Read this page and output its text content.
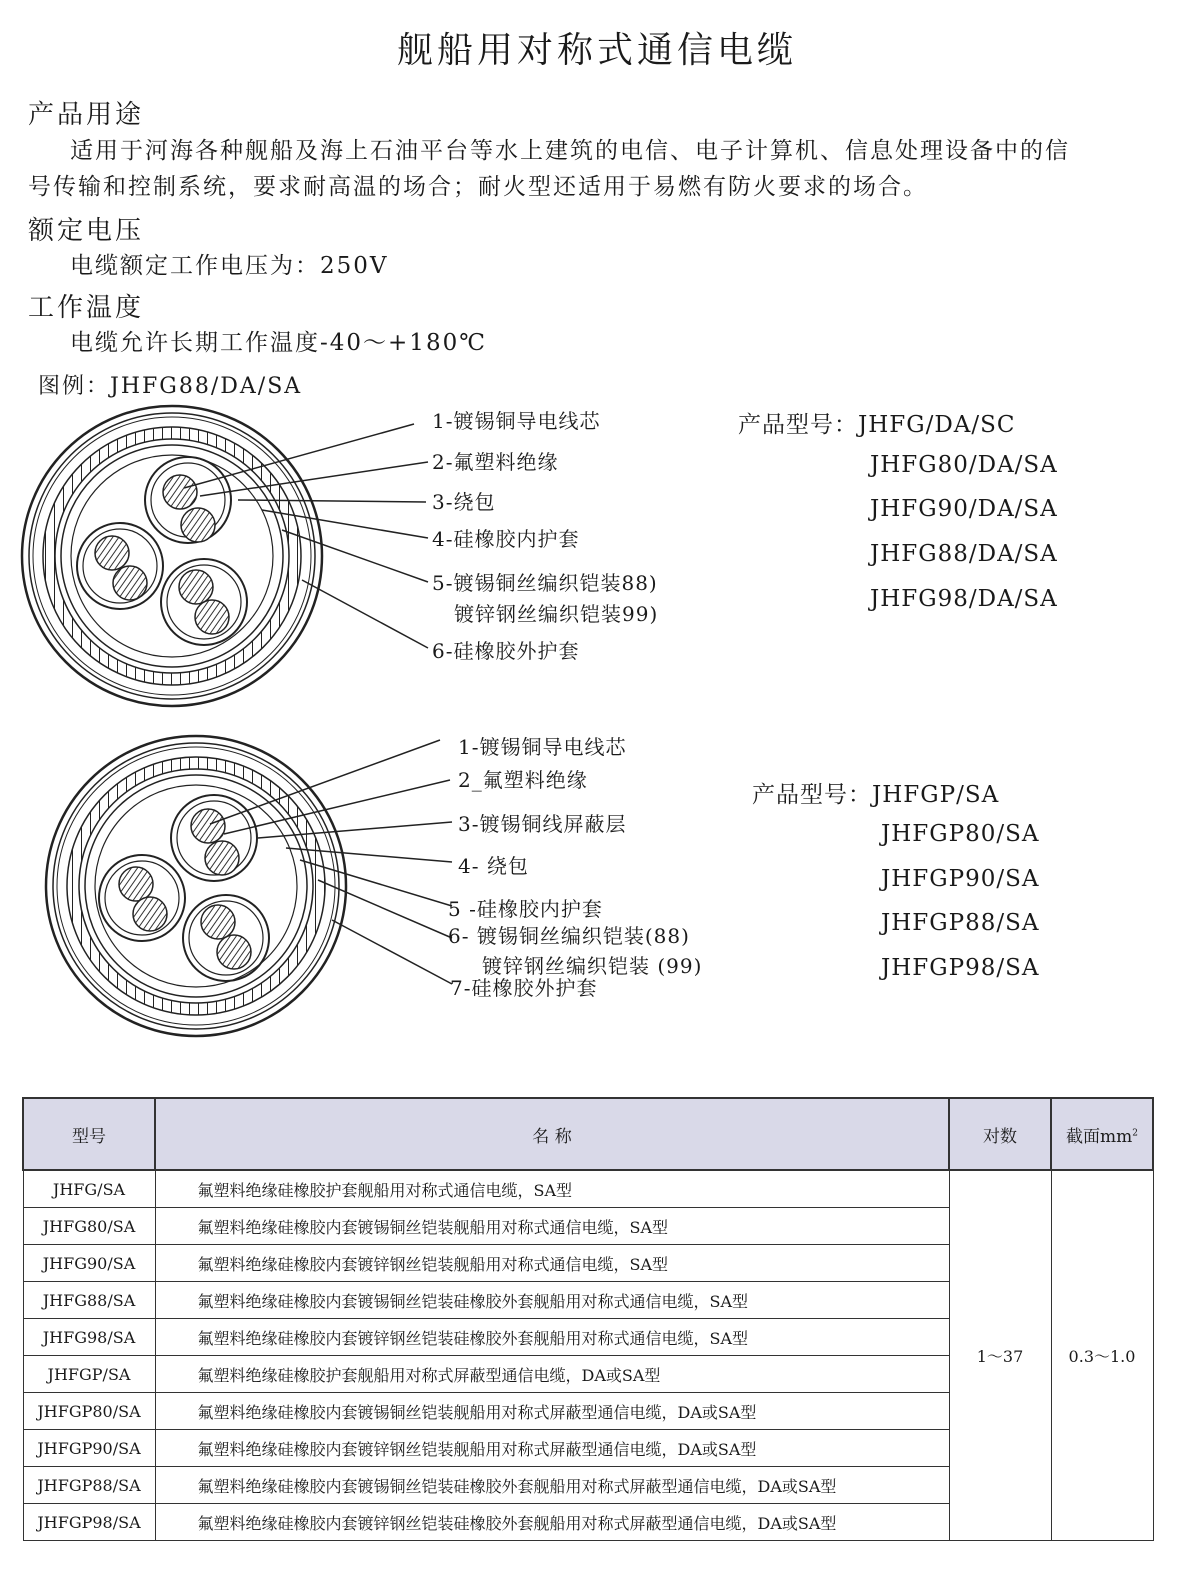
舰船用对称式通信电缆
产品用途
适用于河海各种舰船及海上石油平台等水上建筑的电信、电子计算机、信息处理设备中的信
号传输和控制系统，要求耐高温的场合；耐火型还适用于易燃有防火要求的场合。
额定电压
电缆额定工作电压为：250V
工作温度
电缆允许长期工作温度-40～+180℃
图例：JHFG88/DA/SA
1-镀锡铜导电线芯
2-氟塑料绝缘
3-绕包
4-硅橡胶内护套
5-镀锡铜丝编织铠装88)
镀锌钢丝编织铠装99)
6-硅橡胶外护套
产品型号：JHFG/DA/SC
JHFG80/DA/SA
JHFG90/DA/SA
JHFG88/DA/SA
JHFG98/DA/SA
1-镀锡铜导电线芯
2_氟塑料绝缘
3-镀锡铜线屏蔽层
4- 绕包
5 -硅橡胶内护套
6- 镀锡铜丝编织铠装(88)
镀锌钢丝编织铠装 (99)
7-硅橡胶外护套
产品型号：JHFGP/SA
JHFGP80/SA
JHFGP90/SA
JHFGP88/SA
JHFGP98/SA
型号	名 称	对数	截面$mm^2$
JHFG/SA	氟塑料绝缘硅橡胶护套舰船用对称式通信电缆，SA型	1～37	0.3～1.0
JHFG80/SA	氟塑料绝缘硅橡胶内套镀锡铜丝铠装舰船用对称式通信电缆，SA型		
JHFG90/SA	氟塑料绝缘硅橡胶内套镀锌钢丝铠装舰船用对称式通信电缆，SA型		
JHFG88/SA	氟塑料绝缘硅橡胶内套镀锡铜丝铠装硅橡胶外套舰船用对称式通信电缆，SA型		
JHFG98/SA	氟塑料绝缘硅橡胶内套镀锌钢丝铠装硅橡胶外套舰船用对称式通信电缆，SA型		
JHFGP/SA	氟塑料绝缘硅橡胶护套舰船用对称式屏蔽型通信电缆，DA或SA型		
JHFGP80/SA	氟塑料绝缘硅橡胶内套镀锡铜丝铠装舰船用对称式屏蔽型通信电缆，DA或SA型		
JHFGP90/SA	氟塑料绝缘硅橡胶内套镀锌钢丝铠装舰船用对称式屏蔽型通信电缆，DA或SA型		
JHFGP88/SA	氟塑料绝缘硅橡胶内套镀锡铜丝铠装硅橡胶外套舰船用对称式屏蔽型通信电缆，DA或SA型		
JHFGP98/SA	氟塑料绝缘硅橡胶内套镀锌钢丝铠装硅橡胶外套舰船用对称式屏蔽型通信电缆，DA或SA型		
